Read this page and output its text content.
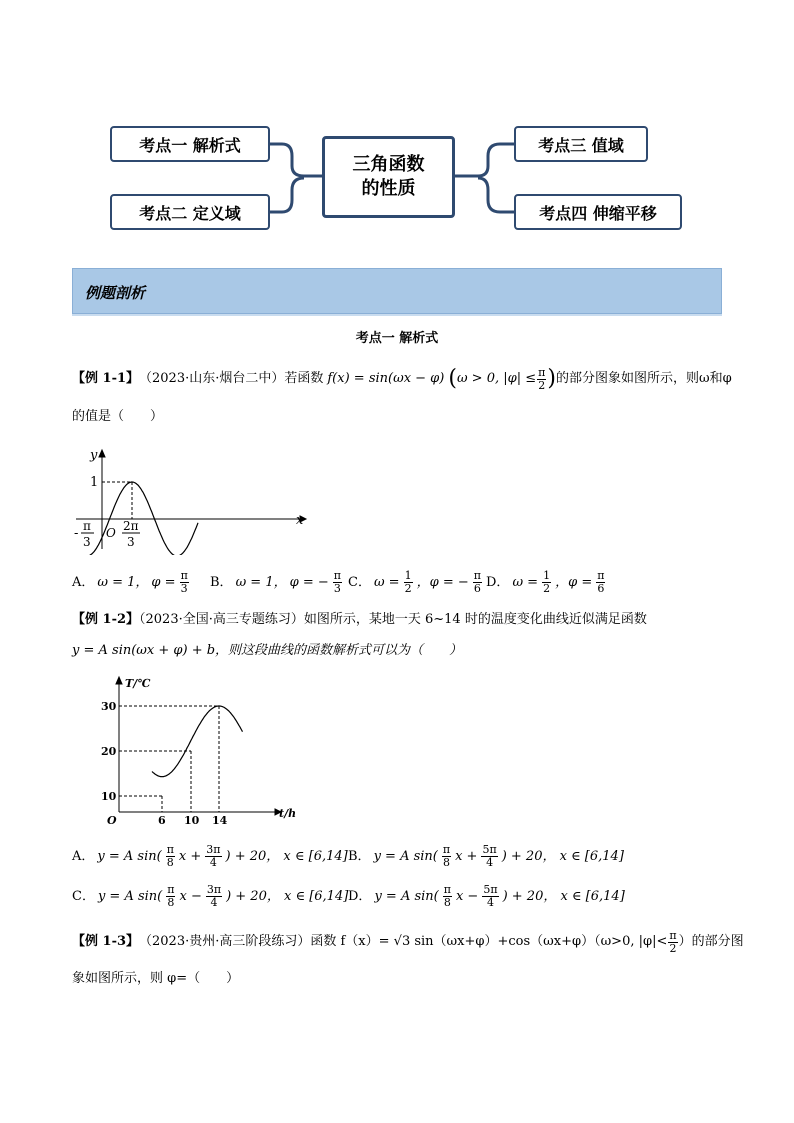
考点一 解析式
考点二 定义域
三角函数
的性质
考点三 值域
考点四 伸缩平移
例题剖析
考点一 解析式
【例 1-1】 （2023·山东·烟台二中）若函数 f(x) = sin(ωx − φ) ( ω > 0, $|\varphi| \le \frac{\pi}{2}$ ) 的部分图象如图所示，则ω和φ
的值是（　　）
y
x
1
O
- π
3
2π
3
A． ω = 1， $\varphi = \frac{\pi}{3}$ B． ω = 1， φ = − $\frac{\pi}{3}$ C． $\omega = \frac{1}{2}$ ，φ = − $\frac{\pi}{6}$ D． $\omega = \frac{1}{2}$ ，$\varphi = \frac{\pi}{6}$
【例 1-2】（2023·全国·高三专题练习）如图所示，某地一天 6~14 时的温度变化曲线近似满足函数
y = A sin(ωx + φ) + b，则这段曲线的函数解析式可以为（　　）
T/℃
t/h
O
30
20
10
6 10 14
A． y = A $\sin( \frac{\pi}{8}$ $x + \frac{3\pi}{4}$ ) + 20， x ∈ [6,14] B． y = A $\sin( \frac{\pi}{8}$ $x + \frac{5\pi}{4}$ ) + 20， x ∈ [6,14]
C． y = A $\sin( \frac{\pi}{8}$ $x - \frac{3\pi}{4}$ ) + 20， x ∈ [6,14] D． y = A $\sin( \frac{\pi}{8}$ $x - \frac{5\pi}{4}$ ) + 20， x ∈ [6,14]
【例 1-3】 （2023·贵州·高三阶段练习）函数 f（x）= √3 sin（ωx+φ）+cos（ωx+φ）（ω>0, $|\varphi|< \frac{\pi}{2}$ ）的部分图
象如图所示，则 φ=（　　）
